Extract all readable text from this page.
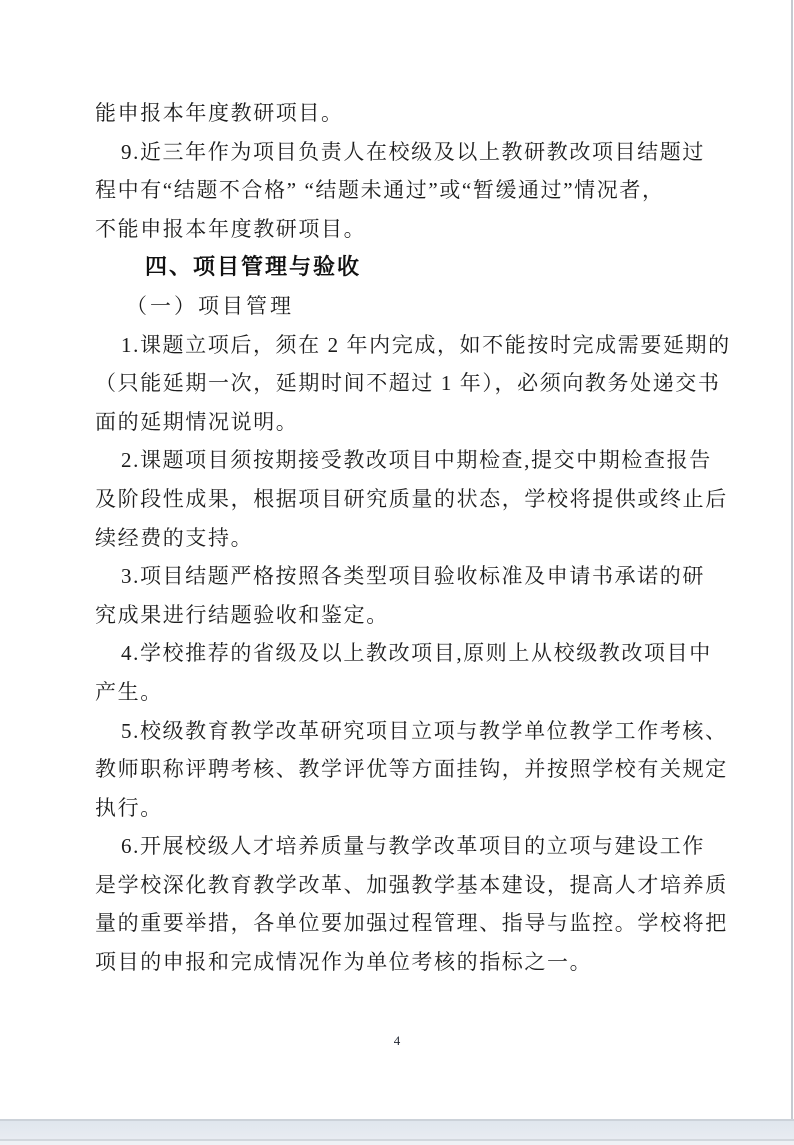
能申报本年度教研项目。
9.近三年作为项目负责人在校级及以上教研教改项目结题过
程中有“结题不合格” “结题未通过”或“暂缓通过”情况者，
不能申报本年度教研项目。
四、项目管理与验收
（一）项目管理
1.课题立项后，须在 2 年内完成，如不能按时完成需要延期的
（只能延期一次，延期时间不超过 1 年），必须向教务处递交书
面的延期情况说明。
2.课题项目须按期接受教改项目中期检查,提交中期检查报告
及阶段性成果，根据项目研究质量的状态，学校将提供或终止后
续经费的支持。
3.项目结题严格按照各类型项目验收标准及申请书承诺的研
究成果进行结题验收和鉴定。
4.学校推荐的省级及以上教改项目,原则上从校级教改项目中
产生。
5.校级教育教学改革研究项目立项与教学单位教学工作考核、
教师职称评聘考核、教学评优等方面挂钩，并按照学校有关规定
执行。
6.开展校级人才培养质量与教学改革项目的立项与建设工作
是学校深化教育教学改革、加强教学基本建设，提高人才培养质
量的重要举措，各单位要加强过程管理、指导与监控。学校将把
项目的申报和完成情况作为单位考核的指标之一。
4
